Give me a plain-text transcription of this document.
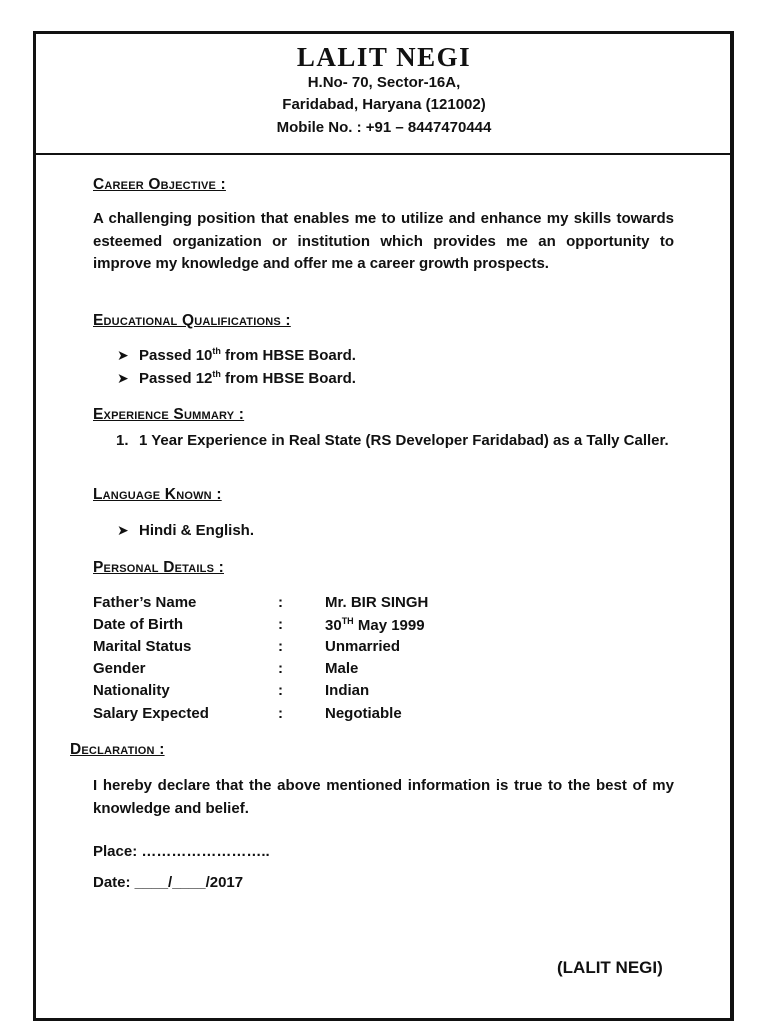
LALIT NEGI
H.No- 70, Sector-16A,
Faridabad, Haryana (121002)
Mobile No. : +91 – 8447470444
Career Objective :
A challenging position that enables me to utilize and enhance my skills towards esteemed organization or institution which provides me an opportunity to improve my knowledge and offer me a career growth prospects.
Educational Qualifications :
➤ Passed 10th from HBSE Board.
➤ Passed 12th from HBSE Board.
Experience Summary :
1. 1 Year Experience in Real State (RS Developer Faridabad) as a Tally Caller.
Language Known :
➤ Hindi & English.
Personal Details :
Father’s Name	:	Mr. BIR SINGH
Date of Birth	:	30TH May 1999
Marital Status	:	Unmarried
Gender	:	Male
Nationality	:	Indian
Salary Expected	:	Negotiable
Declaration :
I hereby declare that the above mentioned information is true to the best of my knowledge and belief.
Place: ……………………..
Date: ____/____/2017
(LALIT NEGI)
